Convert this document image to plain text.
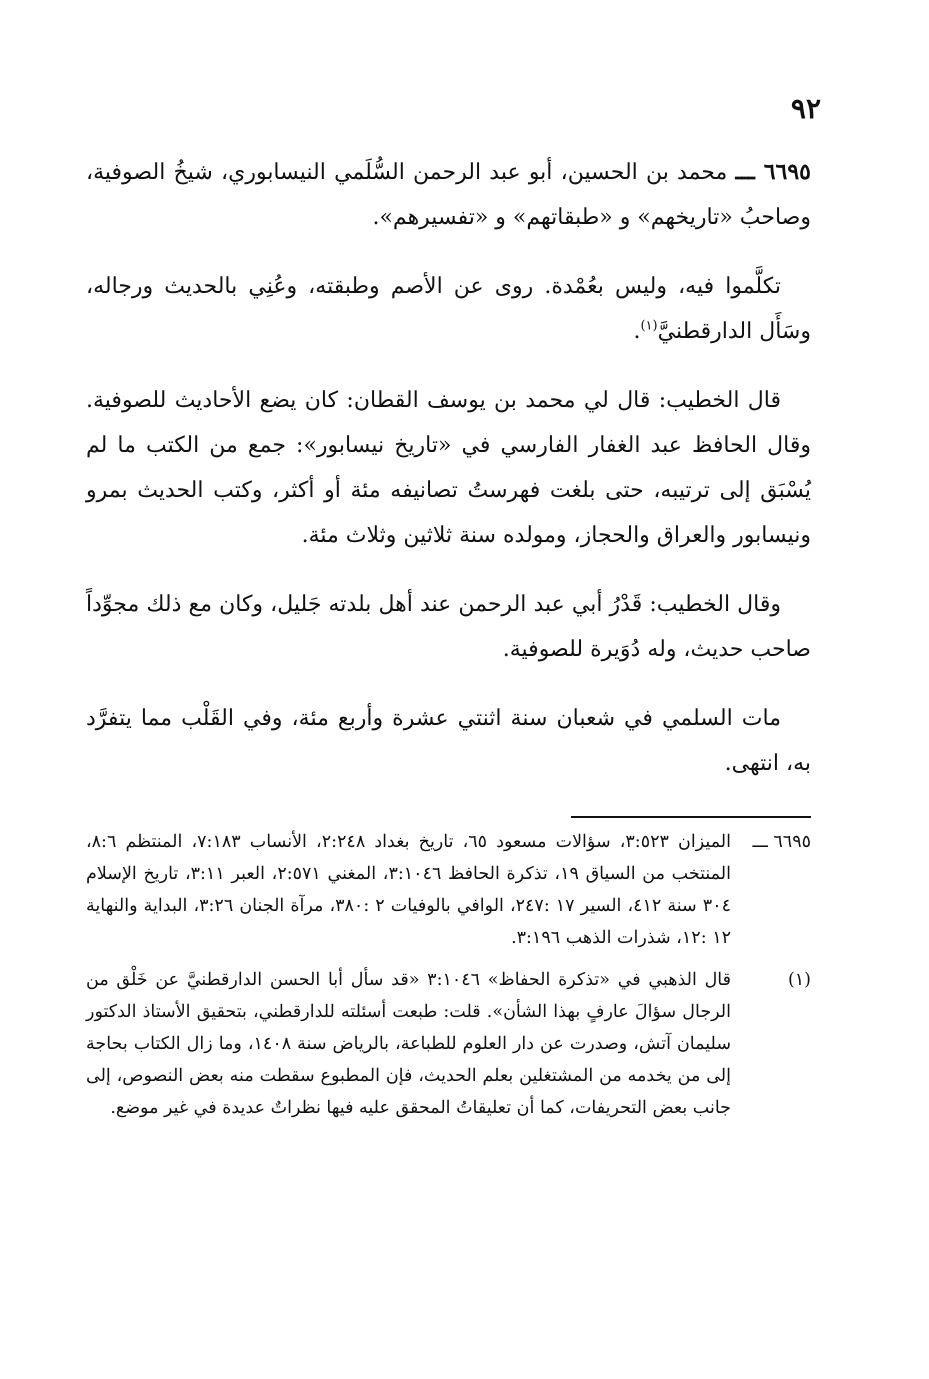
٩٢

٦٦٩٥ ـــ محمد بن الحسين، أبو عبد الرحمن السُّلَمي النيسابوري، شيخُ الصوفية، وصاحبُ «تاريخهم» و «طبقاتهم» و «تفسيرهم».

تكلَّموا فيه، وليس بعُمْدة. روى عن الأصم وطبقته، وعُنِي بالحديث ورجاله، وسَأَل الدارقطنيَّ$^{(١)}$.

قال الخطيب: قال لي محمد بن يوسف القطان: كان يضع الأحاديث للصوفية. وقال الحافظ عبد الغفار الفارسي في «تاريخ نيسابور»: جمع من الكتب ما لم يُسْبَق إلى ترتيبه، حتى بلغت فهرستُ تصانيفه مئة أو أكثر، وكتب الحديث بمرو ونيسابور والعراق والحجاز، ومولده سنة ثلاثين وثلاث مئة.

وقال الخطيب: قَدْرُ أبي عبد الرحمن عند أهل بلدته جَليل، وكان مع ذلك مجوِّداً صاحب حديث، وله دُوَيرة للصوفية.

مات السلمي في شعبان سنة اثنتي عشرة وأربع مئة، وفي القَلْب مما يتفرَّد به، انتهى.

٦٦٩٥ ـــ
الميزان ٣:٥٢٣، سؤالات مسعود ٦٥، تاريخ بغداد ٢:٢٤٨، الأنساب ٧:١٨٣، المنتظم ٨:٦، المنتخب من السياق ١٩، تذكرة الحافظ ٣:١٠٤٦، المغني ٢:٥٧١، العبر ٣:١١، تاريخ الإسلام ٣٠٤ سنة ٤١٢، السير ١٧ :٢٤٧، الوافي بالوفيات ٢ :٣٨٠، مرآة الجنان ٣:٢٦، البداية والنهاية ١٢ :١٢، شذرات الذهب ٣:١٩٦.
(١)
قال الذهبي في «تذكرة الحفاظ» ٣:١٠٤٦ «قد سأل أبا الحسن الدارقطنيَّ عن خَلْق من الرجال سؤالَ عارفٍ بهذا الشأن». قلت: طبعت أسئلته للدارقطني، بتحقيق الأستاذ الدكتور سليمان آتش، وصدرت عن دار العلوم للطباعة، بالرياض سنة ١٤٠٨، وما زال الكتاب بحاجة إلى من يخدمه من المشتغلين بعلم الحديث، فإن المطبوع سقطت منه بعض النصوص، إلى جانب بعض التحريفات، كما أن تعليقاتُ المحقق عليه فيها نظراتٌ عديدة في غير موضع.
